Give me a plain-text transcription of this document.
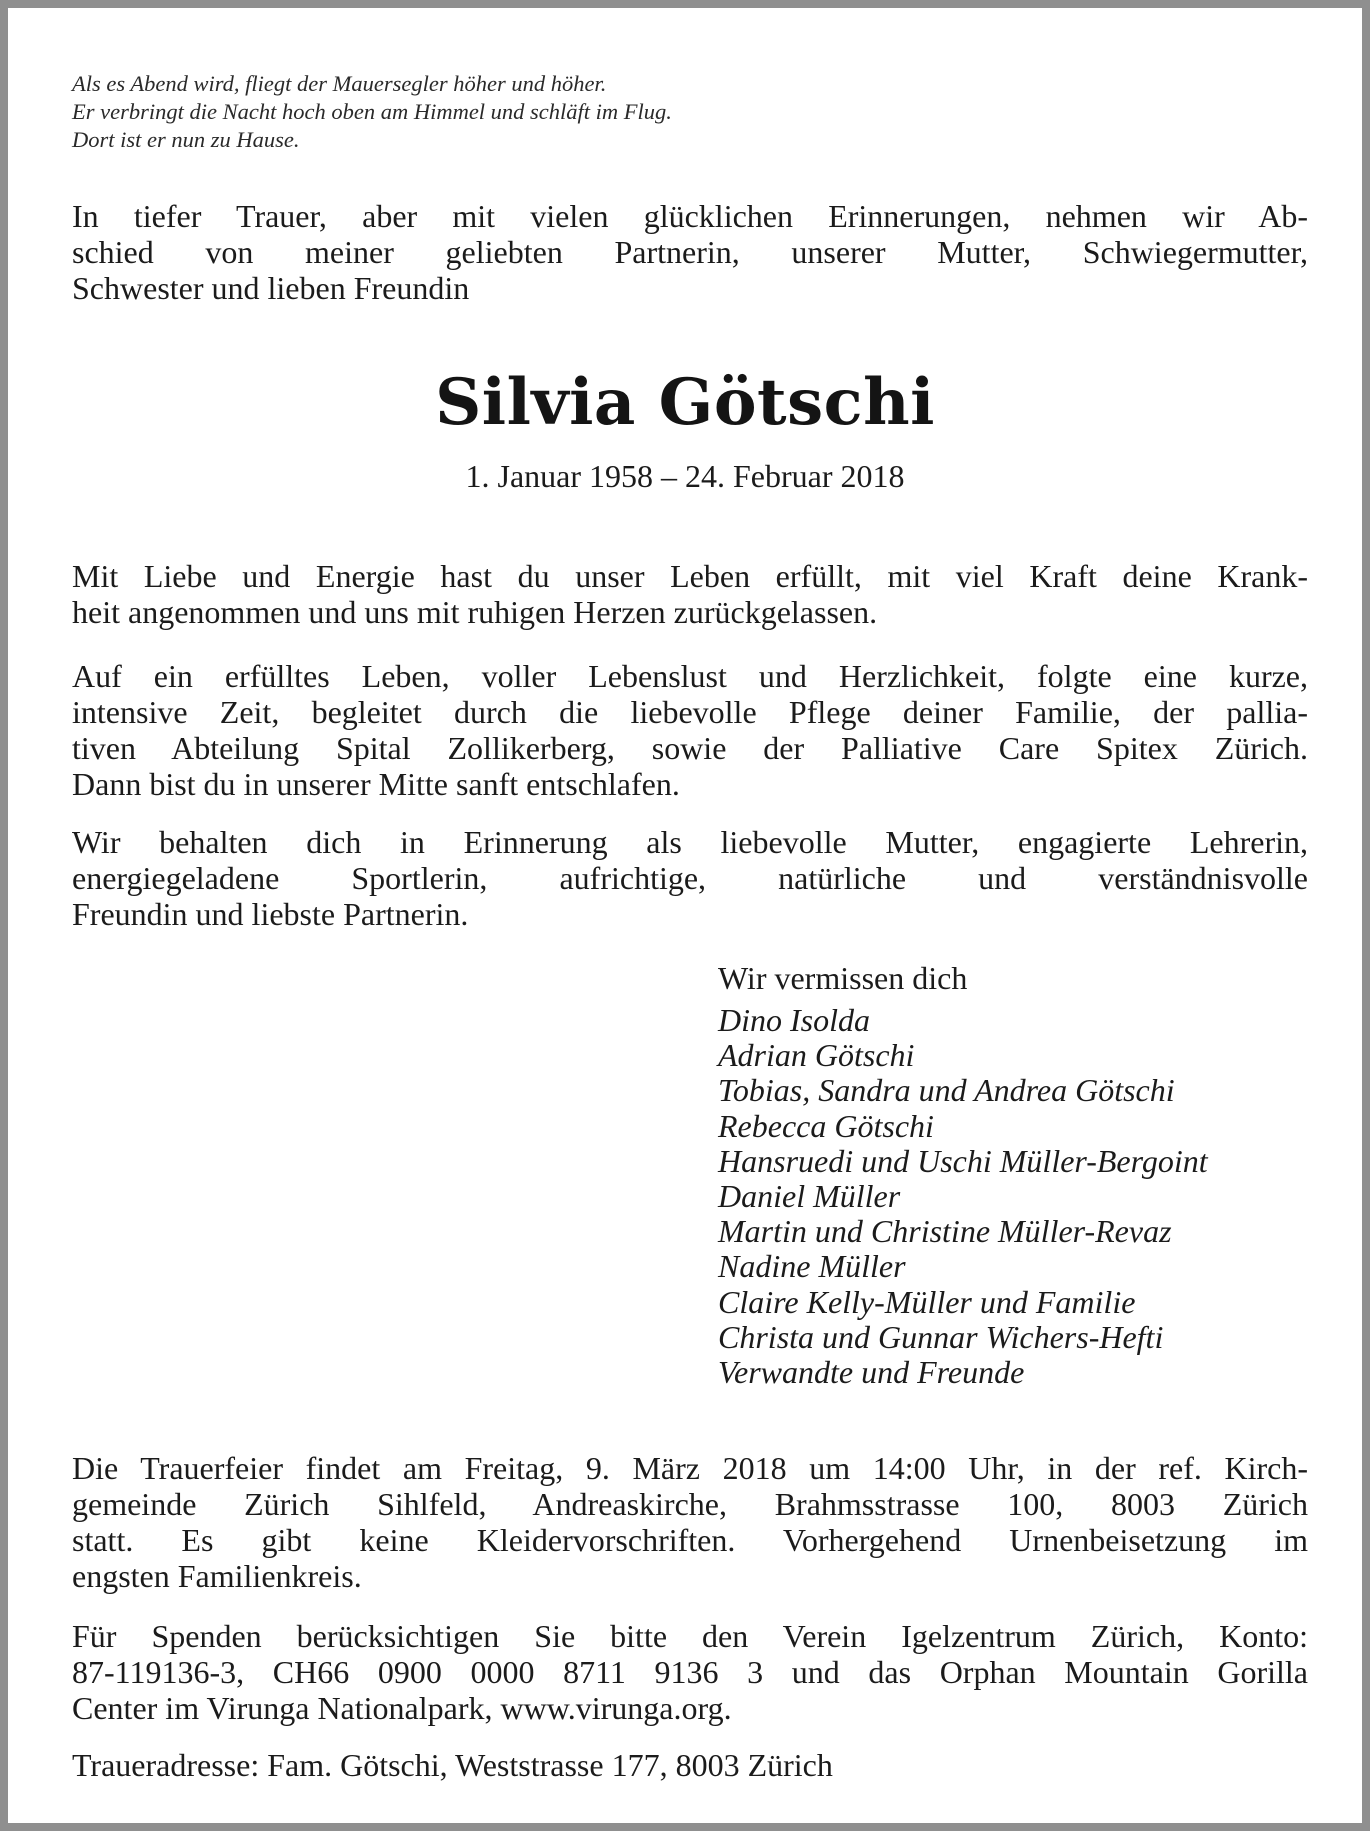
Als es Abend wird, fliegt der Mauersegler höher und höher.
Er verbringt die Nacht hoch oben am Himmel und schläft im Flug.
Dort ist er nun zu Hause.
In tiefer Trauer, aber mit vielen glücklichen Erinnerungen, nehmen wir Ab-
schied von meiner geliebten Partnerin, unserer Mutter, Schwiegermutter,
Schwester und lieben Freundin
Silvia Götschi
1. Januar 1958 – 24. Februar 2018
Mit Liebe und Energie hast du unser Leben erfüllt, mit viel Kraft deine Krank-
heit angenommen und uns mit ruhigen Herzen zurückgelassen.
Auf ein erfülltes Leben, voller Lebenslust und Herzlichkeit, folgte eine kurze,
intensive Zeit, begleitet durch die liebevolle Pflege deiner Familie, der pallia-
tiven Abteilung Spital Zollikerberg, sowie der Palliative Care Spitex Zürich.
Dann bist du in unserer Mitte sanft entschlafen.
Wir behalten dich in Erinnerung als liebevolle Mutter, engagierte Lehrerin,
energiegeladene Sportlerin, aufrichtige, natürliche und verständnisvolle
Freundin und liebste Partnerin.
Wir vermissen dich
Dino Isolda
Adrian Götschi
Tobias, Sandra und Andrea Götschi
Rebecca Götschi
Hansruedi und Uschi Müller-Bergoint
Daniel Müller
Martin und Christine Müller-Revaz
Nadine Müller
Claire Kelly-Müller und Familie
Christa und Gunnar Wichers-Hefti
Verwandte und Freunde
Die Trauerfeier findet am Freitag, 9. März 2018 um 14:00 Uhr, in der ref. Kirch-
gemeinde Zürich Sihlfeld, Andreaskirche, Brahmsstrasse 100, 8003 Zürich
statt. Es gibt keine Kleidervorschriften. Vorhergehend Urnenbeisetzung im
engsten Familienkreis.
Für Spenden berücksichtigen Sie bitte den Verein Igelzentrum Zürich, Konto:
87-119136-3, CH66 0900 0000 8711 9136 3 und das Orphan Mountain Gorilla
Center im Virunga Nationalpark, www.virunga.org.
Traueradresse: Fam. Götschi, Weststrasse 177, 8003 Zürich
